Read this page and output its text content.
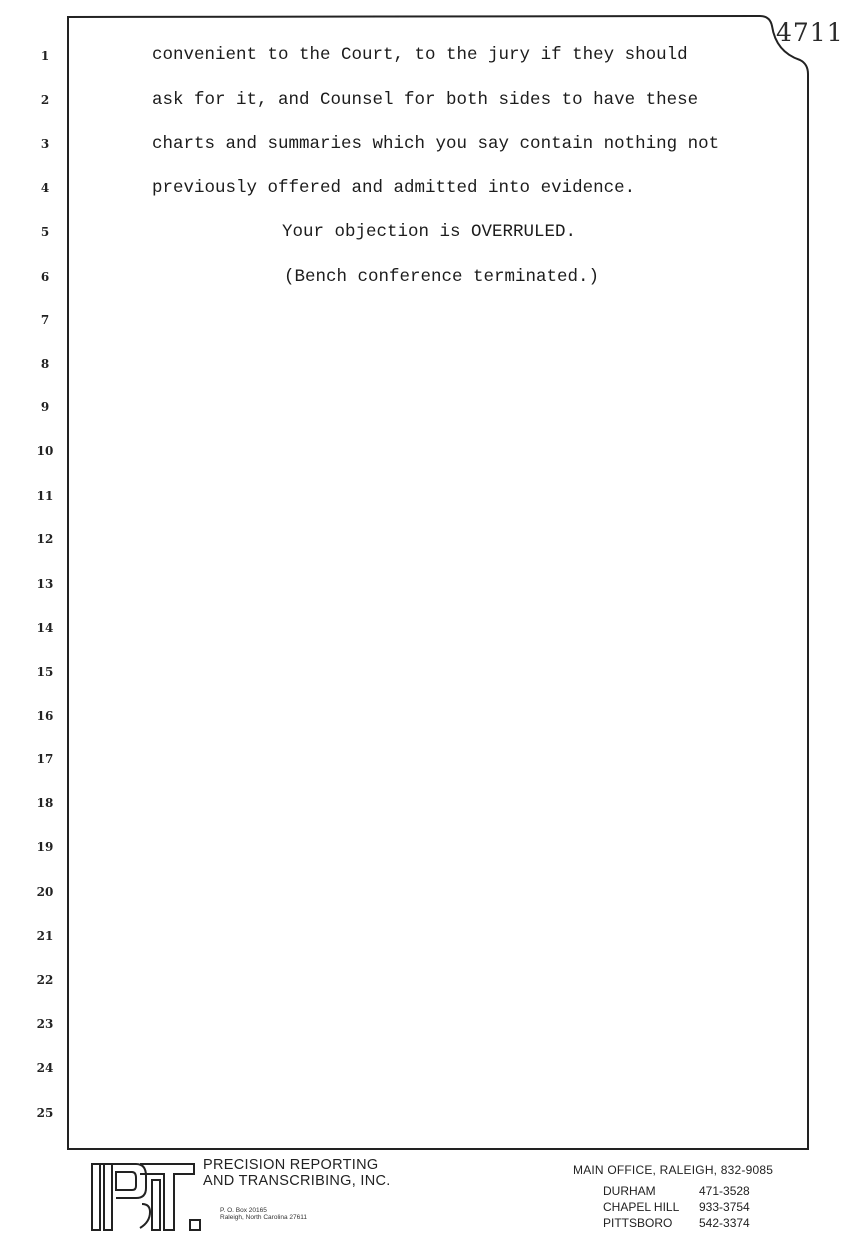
4711
1
2
3
4
5
6
7
8
9
10
11
12
13
14
15
16
17
18
19
20
21
22
23
24
25
convenient to the Court, to the jury if they should
ask for it, and Counsel for both sides to have these
charts and summaries which you say contain nothing not
previously offered and admitted into evidence.
Your objection is OVERRULED.
(Bench conference terminated.)
PRECISION REPORTING
AND TRANSCRIBING, INC.
P. O. Box 20165
Raleigh, North Carolina 27611
MAIN OFFICE, RALEIGH, 832-9085
DURHAM	471-3528
CHAPEL HILL 933-3754
PITTSBORO 542-3374
